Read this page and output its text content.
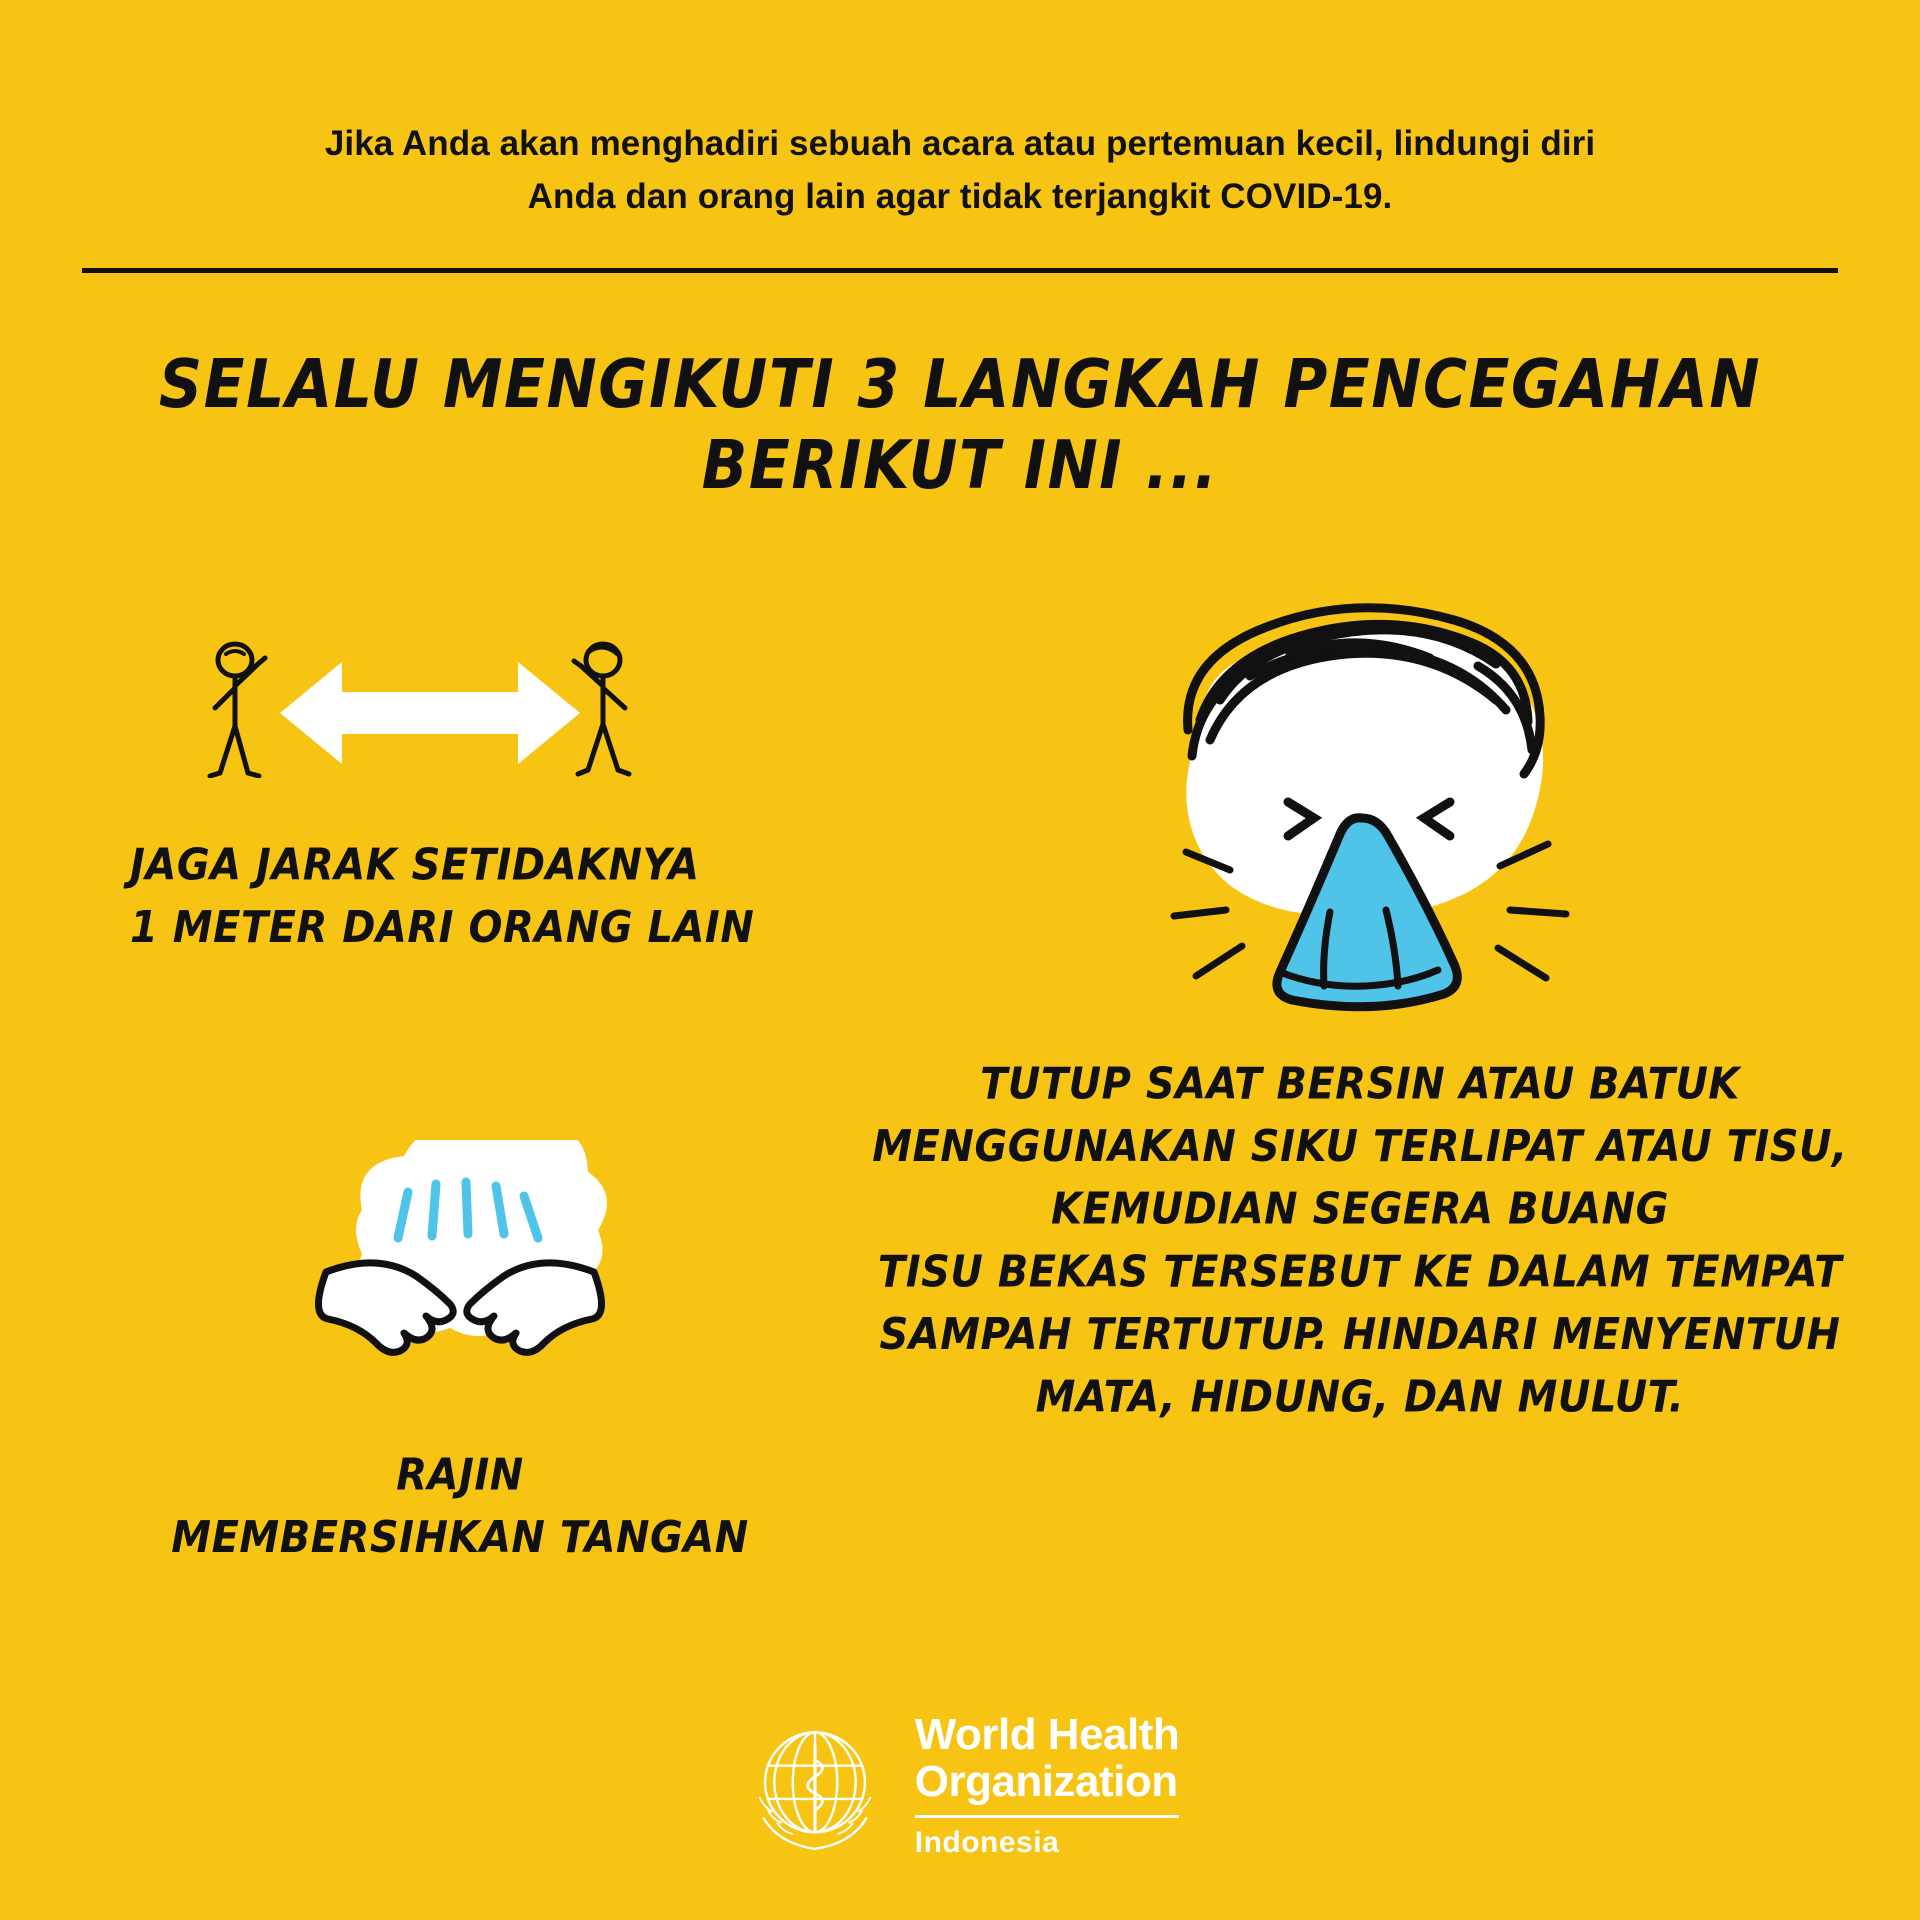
Jika Anda akan menghadiri sebuah acara atau pertemuan kecil, lindungi diri
Anda dan orang lain agar tidak terjangkit COVID-19.
SELALU MENGIKUTI 3 LANGKAH PENCEGAHAN
BERIKUT INI ...
JAGA JARAK SETIDAKNYA
1 METER DARI ORANG LAIN
RAJIN
MEMBERSIHKAN TANGAN
TUTUP SAAT BERSIN ATAU BATUK
MENGGUNAKAN SIKU TERLIPAT ATAU TISU,
KEMUDIAN SEGERA BUANG
TISU BEKAS TERSEBUT KE DALAM TEMPAT
SAMPAH TERTUTUP. HINDARI MENYENTUH
MATA, HIDUNG, DAN MULUT.
World Health
Organization
Indonesia
